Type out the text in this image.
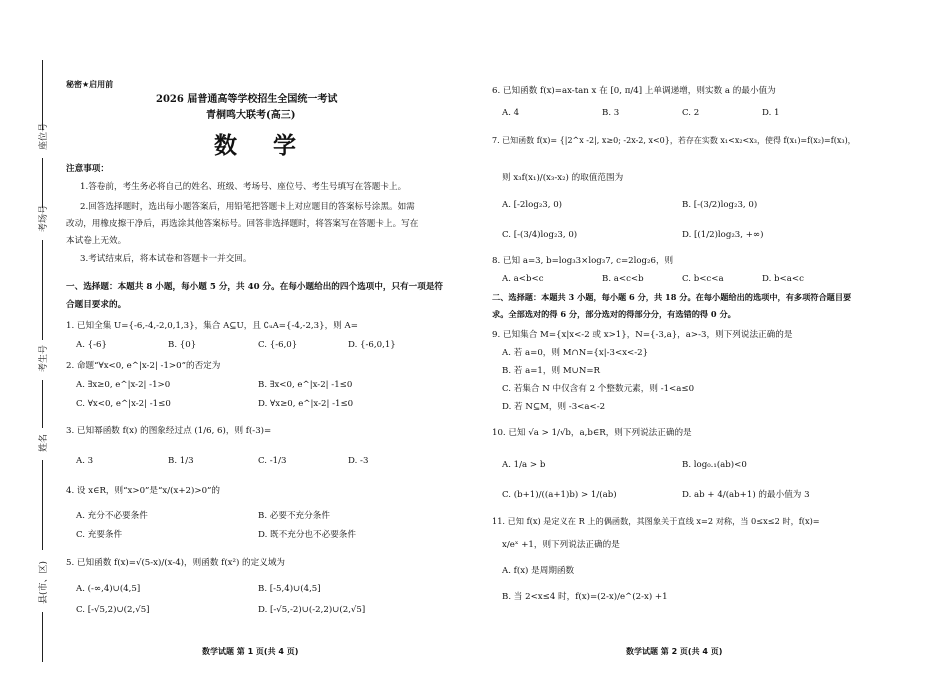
座位号
考场号
考生号
姓名
县(市、区)
秘密★启用前
2026 届普通高等学校招生全国统一考试
青桐鸣大联考(高三)
数 学
注意事项：
1.答卷前，考生务必将自己的姓名、班级、考场号、座位号、考生号填写在答题卡上。
2.回答选择题时，选出每小题答案后，用铅笔把答题卡上对应题目的答案标号涂黑。如需
改动，用橡皮擦干净后，再选涂其他答案标号。回答非选择题时，将答案写在答题卡上。写在
本试卷上无效。
3.考试结束后，将本试卷和答题卡一并交回。
一、选择题：本题共 8 小题，每小题 5 分，共 40 分。在每小题给出的四个选项中，只有一项是符
合题目要求的。
1. 已知全集 U={-6,-4,-2,0,1,3}，集合 A⊆U，且 ∁ᵤA={-4,-2,3}，则 A=
A. {-6}	B. {0}	C. {-6,0}	D. {-6,0,1}
2. 命题“∀x<0, e^|x-2| -1>0”的否定为
A. ∃x≥0, e^|x-2| -1>0	B. ∃x<0, e^|x-2| -1≤0
C. ∀x<0, e^|x-2| -1≤0	D. ∀x≥0, e^|x-2| -1≤0
3. 已知幂函数 f(x) 的图象经过点 (1/6, 6)，则 f(-3)=
A. 3	B. 1/3	C. -1/3	D. -3
4. 设 x∈R，则“x>0”是“x/(x+2)>0”的
A. 充分不必要条件	B. 必要不充分条件
C. 充要条件	D. 既不充分也不必要条件
5. 已知函数 f(x)=√(5-x)/(x-4)，则函数 f(x²) 的定义域为
A. (-∞,4)∪(4,5]	B. [-5,4)∪(4,5]
C. [-√5,2)∪(2,√5]	D. [-√5,-2)∪(-2,2)∪(2,√5]
6. 已知函数 f(x)=ax-tan x 在 [0, π/4] 上单调递增，则实数 a 的最小值为
A. 4	B. 3	C. 2	D. 1
7. 已知函数 f(x)= {|2^x -2|, x≥0; -2x-2, x<0}，若存在实数 x₁<x₂<x₃，使得 f(x₁)=f(x₂)=f(x₃)，
则 x₃f(x₁)/(x₃-x₂) 的取值范围为
A. [-2log₂3, 0)	B. [-(3/2)log₂3, 0)
C. [-(3/4)log₂3, 0)	D. [(1/2)log₂3, +∞)
8. 已知 a=3, b=log₃3×log₃7, c=2log₂6，则
A. a<b<c	B. a<c<b	C. b<c<a	D. b<a<c
二、选择题：本题共 3 小题，每小题 6 分，共 18 分。在每小题给出的选项中，有多项符合题目要
求。全部选对的得 6 分，部分选对的得部分分，有选错的得 0 分。
9. 已知集合 M={x|x<-2 或 x>1}，N={-3,a}，a>-3，则下列说法正确的是
A. 若 a=0，则 M∩N={x|-3<x<-2}
B. 若 a=1，则 M∪N=R
C. 若集合 N 中仅含有 2 个整数元素，则 -1<a≤0
D. 若 N⊆M，则 -3<a<-2
10. 已知 √a > 1/√b，a,b∈R，则下列说法正确的是
A. 1/a > b	B. log₀.₁(ab)<0
C. (b+1)/((a+1)b) > 1/(ab)	D. ab + 4/(ab+1) 的最小值为 3
11. 已知 f(x) 是定义在 R 上的偶函数，其图象关于直线 x=2 对称，当 0≤x≤2 时，f(x)=
x/eˣ +1，则下列说法正确的是
A. f(x) 是周期函数
B. 当 2<x≤4 时，f(x)=(2-x)/e^(2-x) +1
数学试题 第 1 页(共 4 页)	数学试题 第 2 页(共 4 页)
